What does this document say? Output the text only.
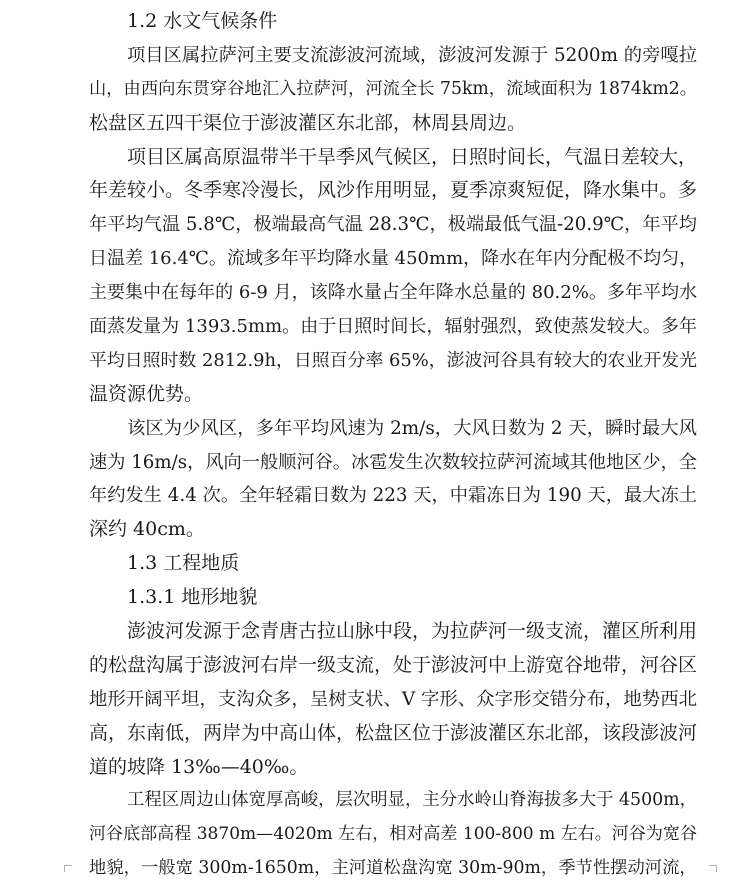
1.2 水文气候条件
项目区属拉萨河主要支流澎波河流域，澎波河发源于 5200m 的旁嘎拉
山，由西向东贯穿谷地汇入拉萨河，河流全长 75km，流域面积为 1874km2。
松盘区五四干渠位于澎波灌区东北部，林周县周边。
项目区属高原温带半干旱季风气候区，日照时间长，气温日差较大，
年差较小。冬季寒冷漫长，风沙作用明显，夏季凉爽短促，降水集中。多
年平均气温 5.8℃，极端最高气温 28.3℃，极端最低气温-20.9℃，年平均
日温差 16.4℃。流域多年平均降水量 450mm，降水在年内分配极不均匀，
主要集中在每年的 6-9 月，该降水量占全年降水总量的 80.2%。多年平均水
面蒸发量为 1393.5mm。由于日照时间长，辐射强烈，致使蒸发较大。多年
平均日照时数 2812.9h，日照百分率 65%，澎波河谷具有较大的农业开发光
温资源优势。
该区为少风区，多年平均风速为 2m/s，大风日数为 2 天，瞬时最大风
速为 16m/s，风向一般顺河谷。冰雹发生次数较拉萨河流域其他地区少，全
年约发生 4.4 次。全年轻霜日数为 223 天，中霜冻日为 190 天，最大冻土
深约 40cm。
1.3 工程地质
1.3.1 地形地貌
澎波河发源于念青唐古拉山脉中段，为拉萨河一级支流，灌区所利用
的松盘沟属于澎波河右岸一级支流，处于澎波河中上游宽谷地带，河谷区
地形开阔平坦，支沟众多，呈树支状、V 字形、众字形交错分布，地势西北
高，东南低，两岸为中高山体，松盘区位于澎波灌区东北部，该段澎波河
道的坡降 13‰—40‰。
工程区周边山体宽厚高峻，层次明显，主分水岭山脊海拔多大于 4500m，
河谷底部高程 3870m—4020m 左右，相对高差 100-800 m 左右。河谷为宽谷
地貌，一般宽 300m-1650m，主河道松盘沟宽 30m-90m，季节性摆动河流，
